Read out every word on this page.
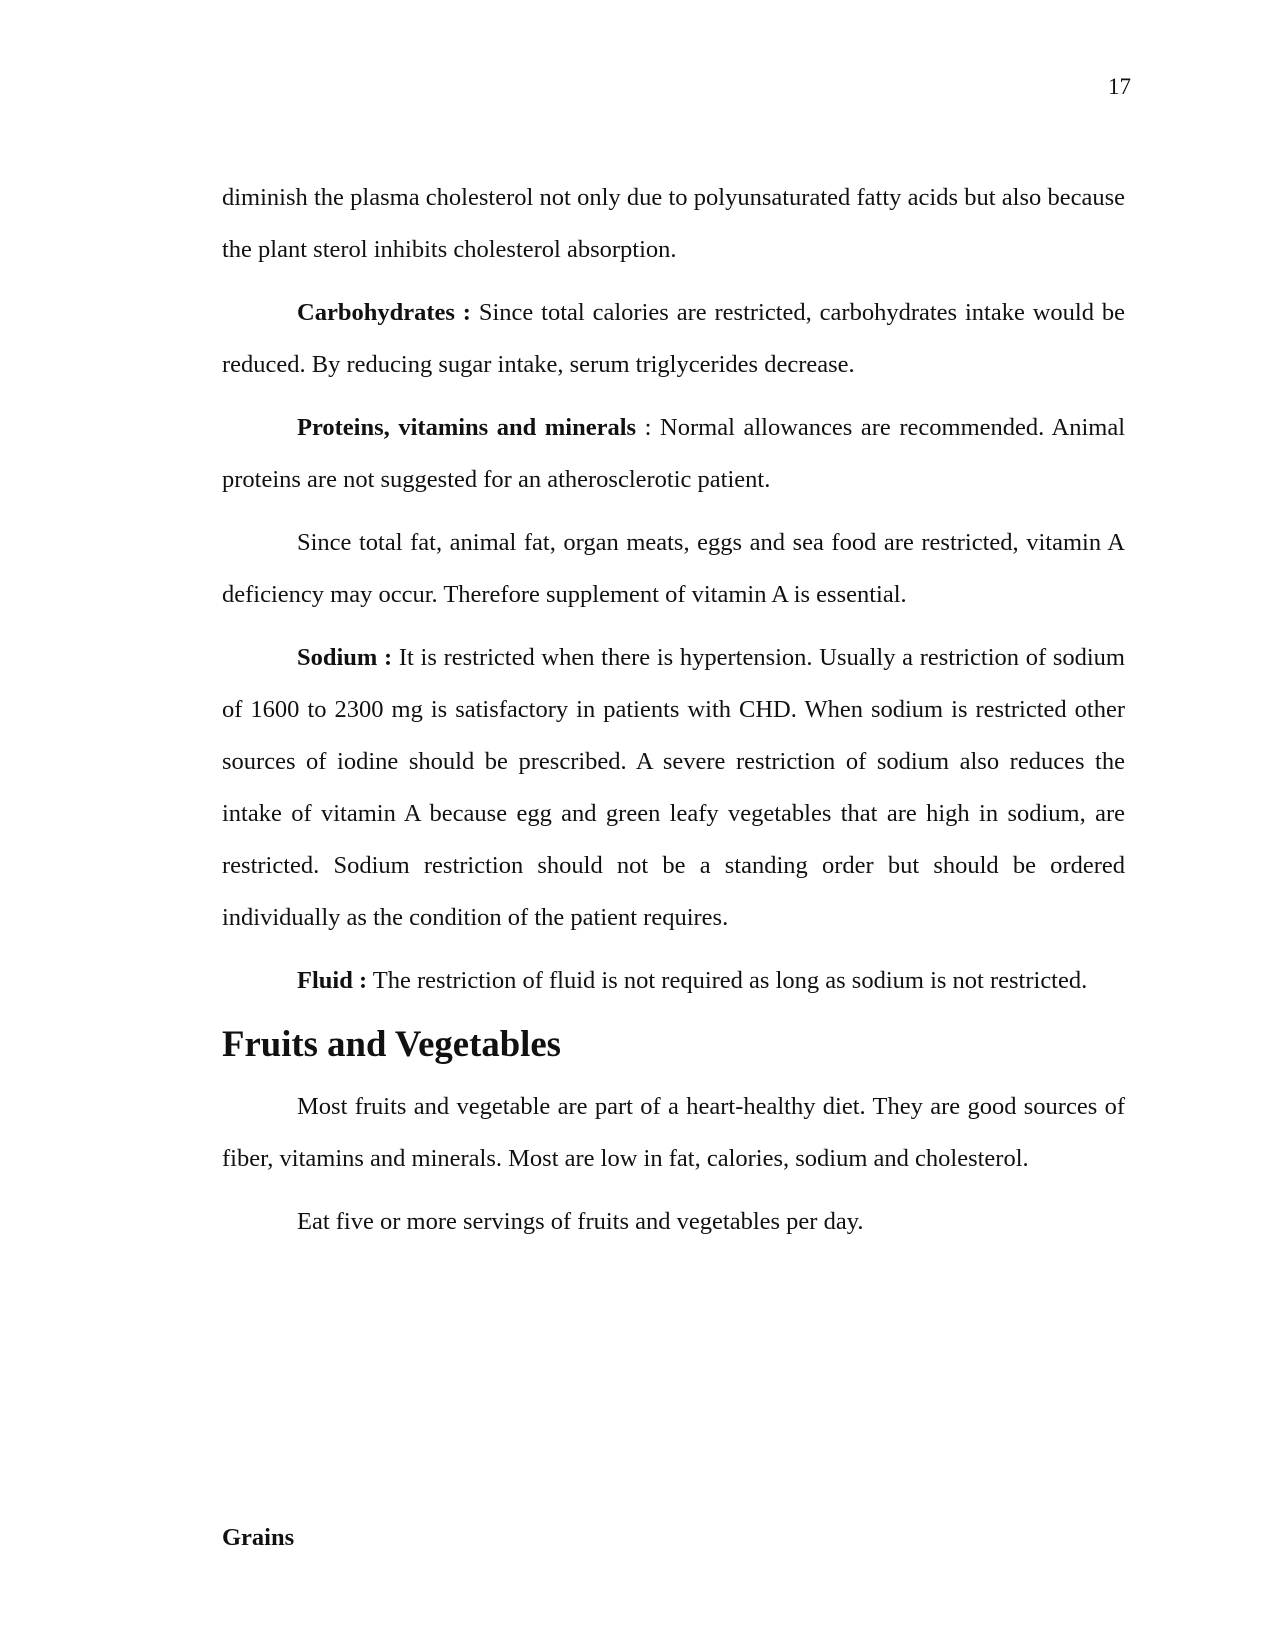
17

diminish the plasma cholesterol not only due to polyunsaturated fatty acids but also because the plant sterol inhibits cholesterol absorption.

Carbohydrates : Since total calories are restricted, carbohydrates intake would be reduced. By reducing sugar intake, serum triglycerides decrease.

Proteins, vitamins and minerals : Normal allowances are recommended. Animal proteins are not suggested for an atherosclerotic patient.

Since total fat, animal fat, organ meats, eggs and sea food are restricted, vitamin A deficiency may occur. Therefore supplement of vitamin A is essential.

Sodium : It is restricted when there is hypertension. Usually a restriction of sodium of 1600 to 2300 mg is satisfactory in patients with CHD. When sodium is restricted other sources of iodine should be prescribed. A severe restriction of sodium also reduces the intake of vitamin A because egg and green leafy vegetables that are high in sodium, are restricted. Sodium restriction should not be a standing order but should be ordered individually as the condition of the patient requires.

Fluid : The restriction of fluid is not required as long as sodium is not restricted.

Fruits and Vegetables

Most fruits and vegetable are part of a heart-healthy diet. They are good sources of fiber, vitamins and minerals. Most are low in fat, calories, sodium and cholesterol.

Eat five or more servings of fruits and vegetables per day.

Grains
